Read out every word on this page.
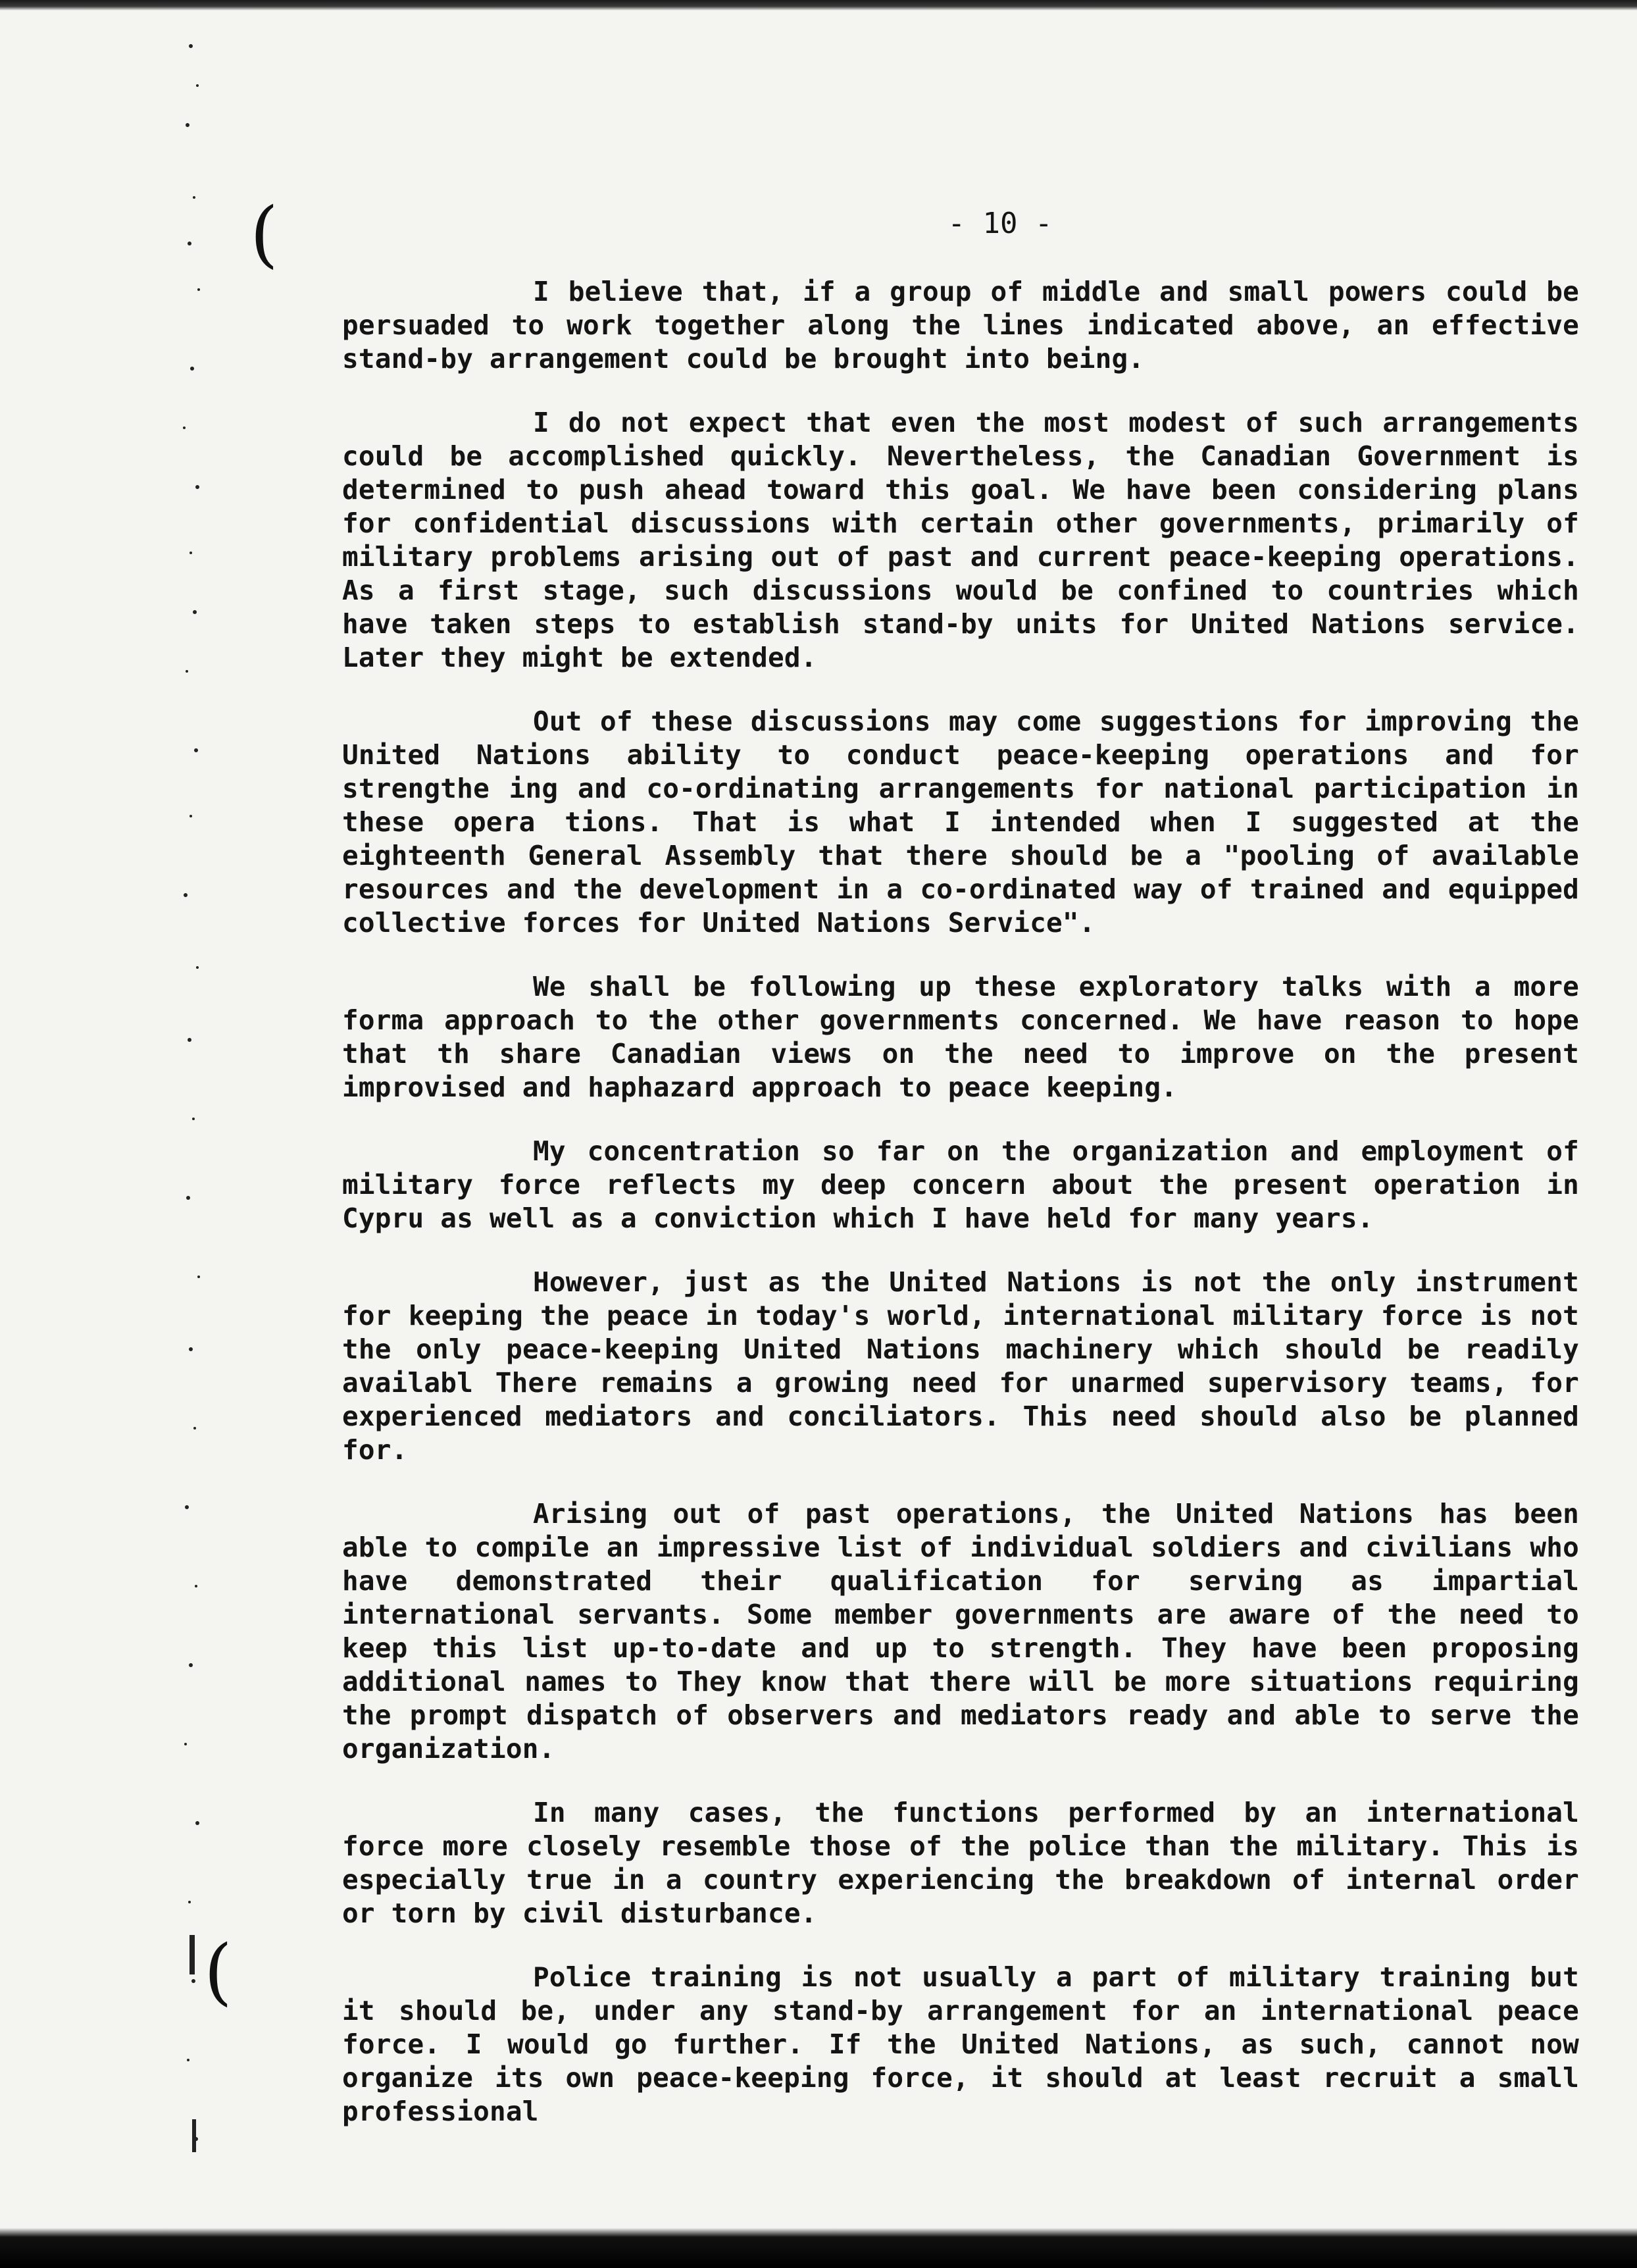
(
(
- 10 -

I believe that, if a group of middle and small powers could be persuaded to work together along the lines indicated above, an effective stand-by arrangement could be brought into being.

I do not expect that even the most modest of such arrangements could be accomplished quickly. Nevertheless, the Canadian Government is determined to push ahead toward this goal. We have been considering plans for confidential discussions with certain other governments, primarily of military problems arising out of past and current peace-keeping operations. As a first stage, such discussions would be confined to countries which have taken steps to establish stand-by units for United Nations service. Later they might be extended.

Out of these discussions may come suggestions for improving the United Nations ability to conduct peace-keeping operations and for strengthe ing and co-ordinating arrangements for national participation in these opera tions. That is what I intended when I suggested at the eighteenth General Assembly that there should be a "pooling of available resources and the development in a co-ordinated way of trained and equipped collective forces for United Nations Service".

We shall be following up these exploratory talks with a more forma approach to the other governments concerned. We have reason to hope that th share Canadian views on the need to improve on the present improvised and haphazard approach to peace keeping.

My concentration so far on the organization and employment of military force reflects my deep concern about the present operation in Cypru as well as a conviction which I have held for many years.

However, just as the United Nations is not the only instrument for keeping the peace in today's world, international military force is not the only peace-keeping United Nations machinery which should be readily availabl There remains a growing need for unarmed supervisory teams, for experienced mediators and conciliators. This need should also be planned for.

Arising out of past operations, the United Nations has been able to compile an impressive list of individual soldiers and civilians who have demonstrated their qualification for serving as impartial international servants. Some member governments are aware of the need to keep this list up-to-date and up to strength. They have been proposing additional names to They know that there will be more situations requiring the prompt dispatch of observers and mediators ready and able to serve the organization.

In many cases, the functions performed by an international force more closely resemble those of the police than the military. This is especially true in a country experiencing the breakdown of internal order or torn by civil disturbance.

Police training is not usually a part of military training but it should be, under any stand-by arrangement for an international peace force. I would go further. If the United Nations, as such, cannot now organize its own peace-keeping force, it should at least recruit a small professional
